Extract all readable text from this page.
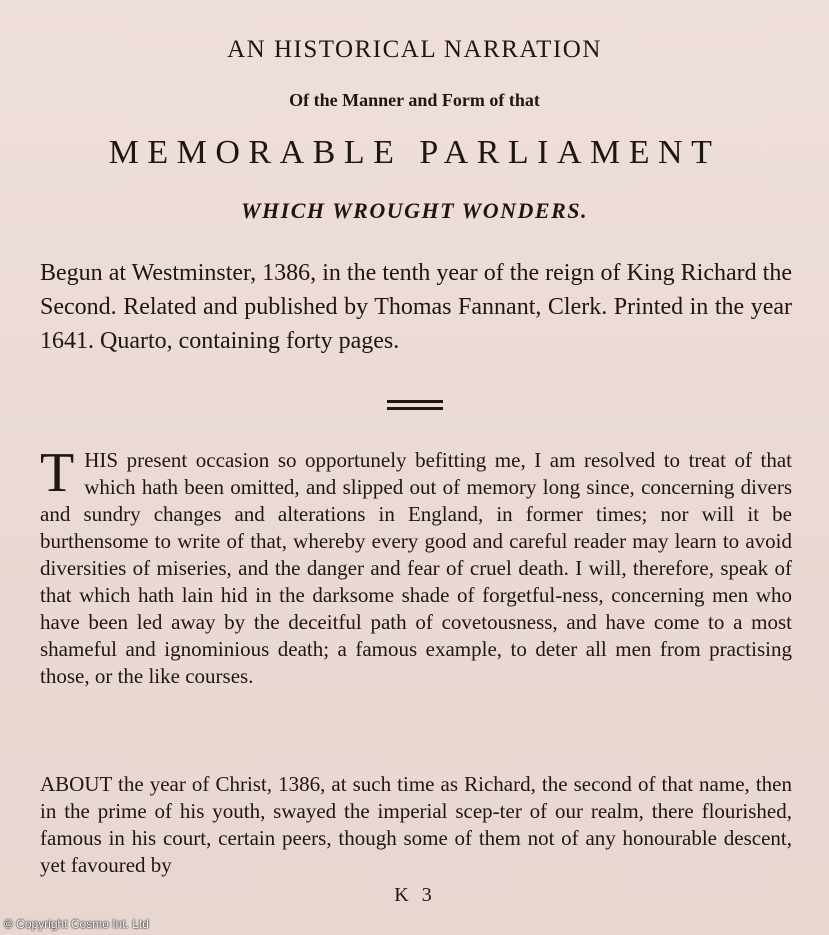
AN HISTORICAL NARRATION
Of the Manner and Form of that
MEMORABLE PARLIAMENT
WHICH WROUGHT WONDERS.
Begun at Westminster, 1386, in the tenth year of the reign of King Richard the Second. Related and published by Thomas Fannant, Clerk. Printed in the year 1641. Quarto, containing forty pages.
T HIS present occasion so opportunely befitting me, I am resolved to treat of that which hath been omitted, and slipped out of memory long since, concerning divers and sundry changes and alterations in England, in former times; nor will it be burthensome to write of that, whereby every good and careful reader may learn to avoid diversities of miseries, and the danger and fear of cruel death. I will, therefore, speak of that which hath lain hid in the darksome shade of forgetful-ness, concerning men who have been led away by the deceitful path of covetousness, and have come to a most shameful and ignominious death; a famous example, to deter all men from practising those, or the like courses.
ABOUT the year of Christ, 1386, at such time as Richard, the second of that name, then in the prime of his youth, swayed the imperial scep-ter of our realm, there flourished, famous in his court, certain peers, though some of them not of any honourable descent, yet favoured by
K 3
© Copyright Cosmo Int. Ltd
